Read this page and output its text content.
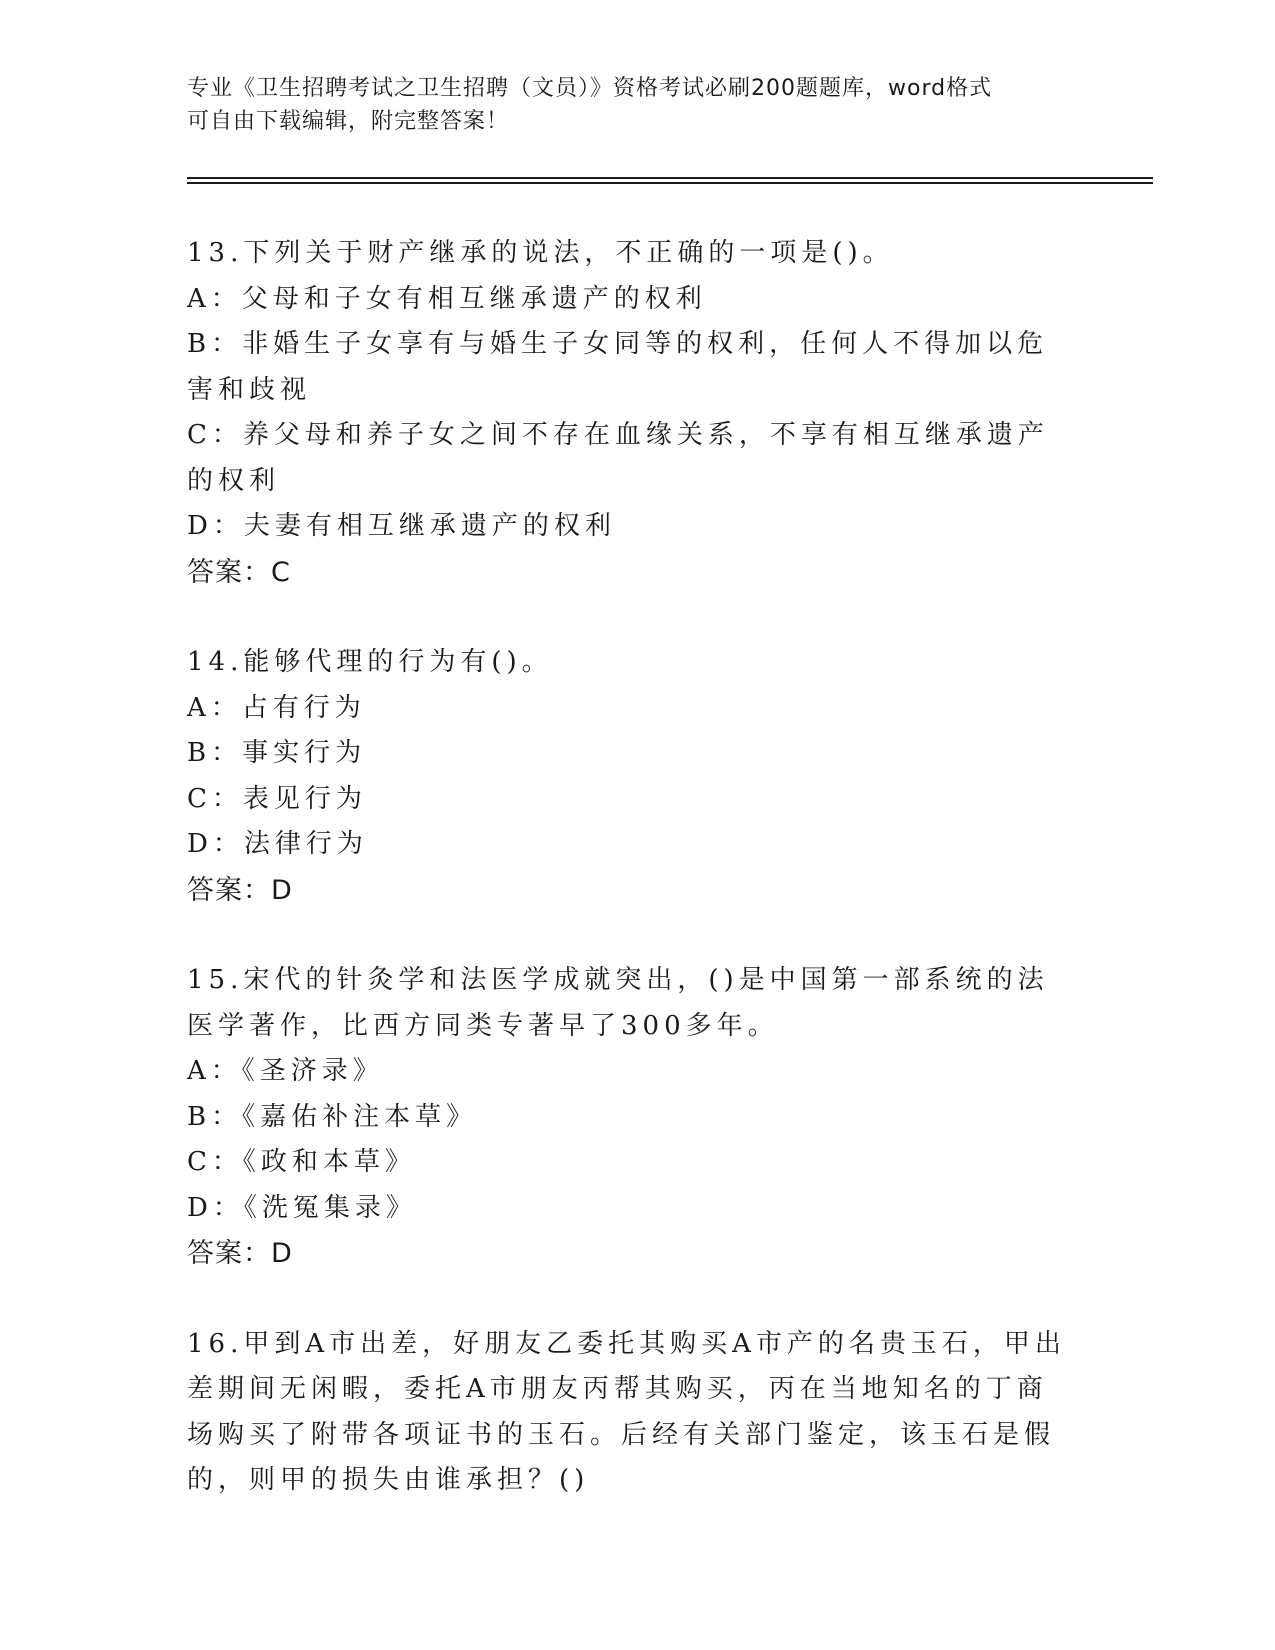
专业《卫生招聘考试之卫生招聘（文员）》资格考试必刷200题题库，word格式
可自由下载编辑，附完整答案！
13.下列关于财产继承的说法，不正确的一项是()。
A：父母和子女有相互继承遗产的权利
B：非婚生子女享有与婚生子女同等的权利，任何人不得加以危害和歧视
C：养父母和养子女之间不存在血缘关系，不享有相互继承遗产的权利
D：夫妻有相互继承遗产的权利
答案：C
14.能够代理的行为有()。
A：占有行为
B：事实行为
C：表见行为
D：法律行为
答案：D
15.宋代的针灸学和法医学成就突出，()是中国第一部系统的法医学著作，比西方同类专著早了300多年。
A：《圣济录》
B：《嘉佑补注本草》
C：《政和本草》
D：《洗冤集录》
答案：D
16.甲到A市出差，好朋友乙委托其购买A市产的名贵玉石，甲出差期间无闲暇，委托A市朋友丙帮其购买，丙在当地知名的丁商场购买了附带各项证书的玉石。后经有关部门鉴定，该玉石是假的，则甲的损失由谁承担？()
